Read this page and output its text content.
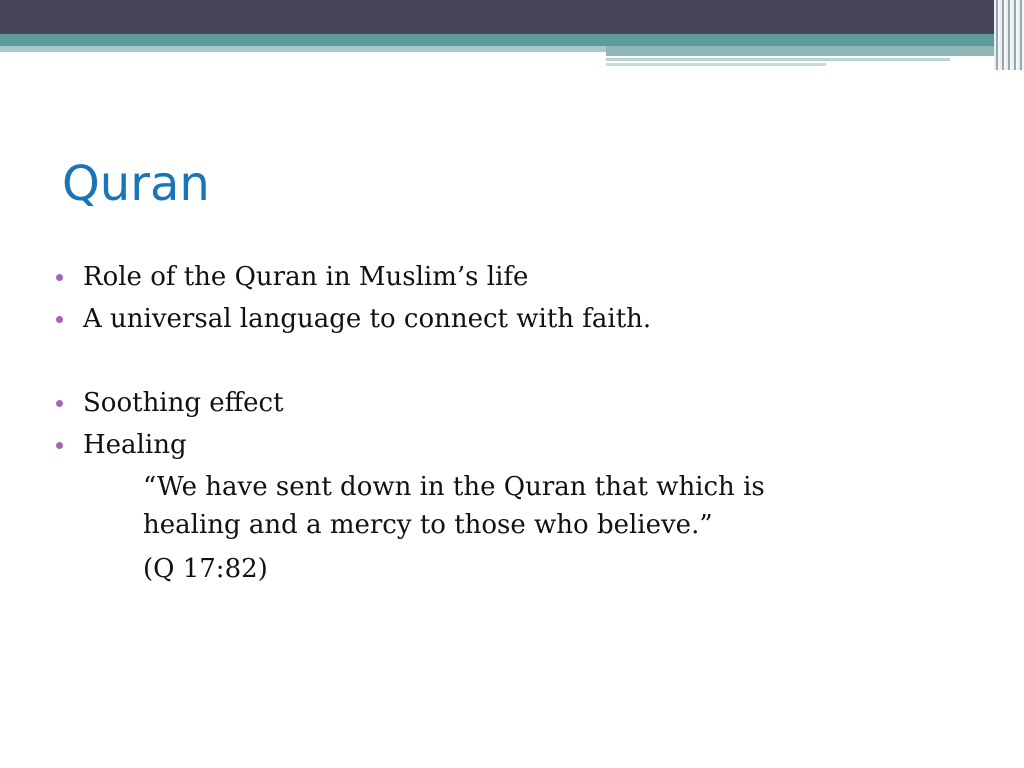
Quran
Role of the Quran in Muslim’s life
A universal language to connect with faith.
Soothing effect
Healing
“We have sent down in the Quran that which is
healing and a mercy to those who believe.”
(Q 17:82)
